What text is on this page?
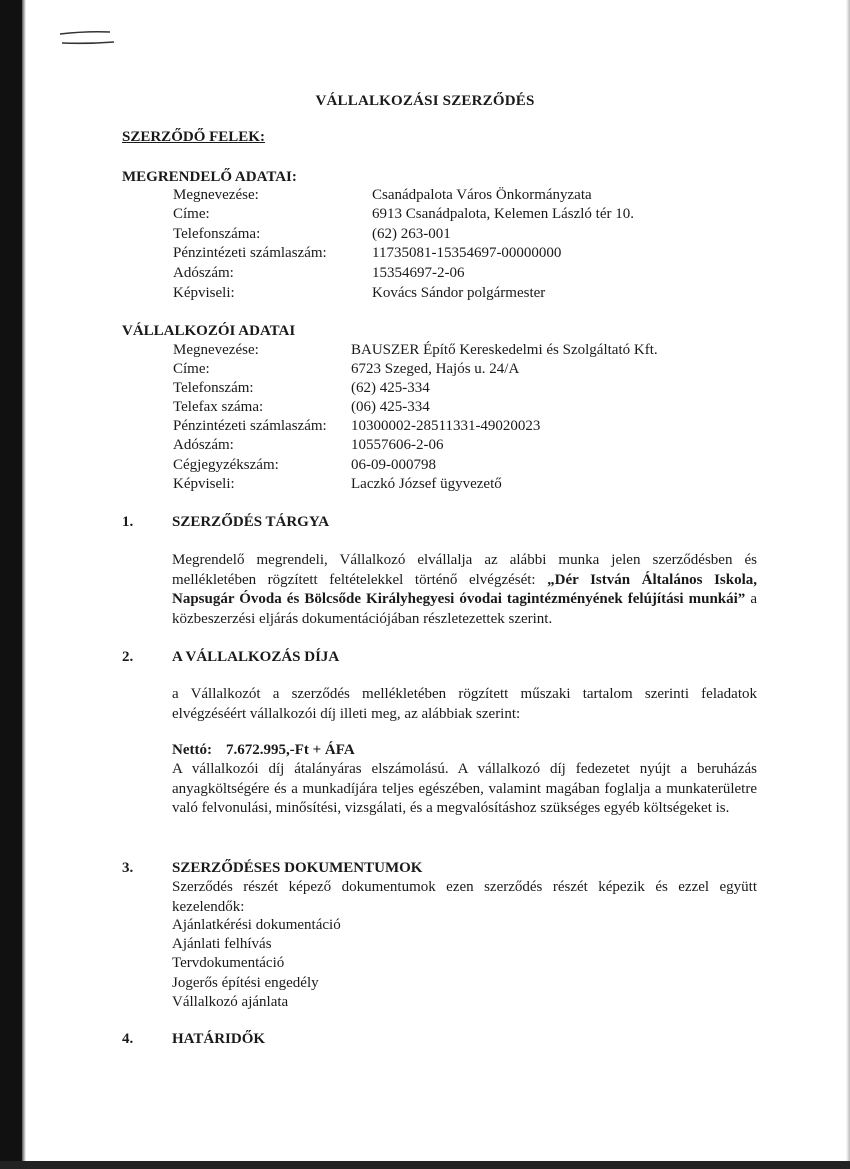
VÁLLALKOZÁSI SZERZŐDÉS
SZERZŐDŐ FELEK:
MEGRENDELŐ ADATAI:
Megnevezése:	Csanádpalota Város Önkormányzata
Címe:	6913 Csanádpalota, Kelemen László tér 10.
Telefonszáma:	(62) 263-001
Pénzintézeti számlaszám:	11735081-15354697-00000000
Adószám:	15354697-2-06
Képviseli:	Kovács Sándor polgármester
VÁLLALKOZÓI ADATAI
Megnevezése:	BAUSZER Építő Kereskedelmi és Szolgáltató Kft.
Címe:	6723 Szeged, Hajós u. 24/A
Telefonszám:	(62) 425-334
Telefax száma:	(06) 425-334
Pénzintézeti számlaszám: 10300002-28511331-49020023
Adószám:	10557606-2-06
Cégjegyzékszám:	06-09-000798
Képviseli:	Laczkó József ügyvezető
1.	SZERZŐDÉS TÁRGYA
Megrendelő megrendeli, Vállalkozó elvállalja az alábbi munka jelen szerződésben és mellékletében rögzített feltételekkel történő elvégzését: „Dér István Általános Iskola, Napsugár Óvoda és Bölcsőde Királyhegyesi óvodai tagintézményének felújítási munkái” a közbeszerzési eljárás dokumentációjában részletezettek szerint.
2.	A VÁLLALKOZÁS DÍJA
a Vállalkozót a szerződés mellékletében rögzített műszaki tartalom szerinti feladatok elvégzéséért vállalkozói díj illeti meg, az alábbiak szerint:
Nettó: 7.672.995,-Ft + ÁFA
A vállalkozói díj átalányáras elszámolású. A vállalkozó díj fedezetet nyújt a beruházás anyagköltségére és a munkadíjára teljes egészében, valamint magában foglalja a munkaterületre való felvonulási, minősítési, vizsgálati, és a megvalósításhoz szükséges egyéb költségeket is.
3.	SZERZŐDÉSES DOKUMENTUMOK
Szerződés részét képező dokumentumok ezen szerződés részét képezik és ezzel együtt kezelendők:
Ajánlatkérési dokumentáció
Ajánlati felhívás
Tervdokumentáció
Jogerős építési engedély
Vállalkozó ajánlata
4.	HATÁRIDŐK
